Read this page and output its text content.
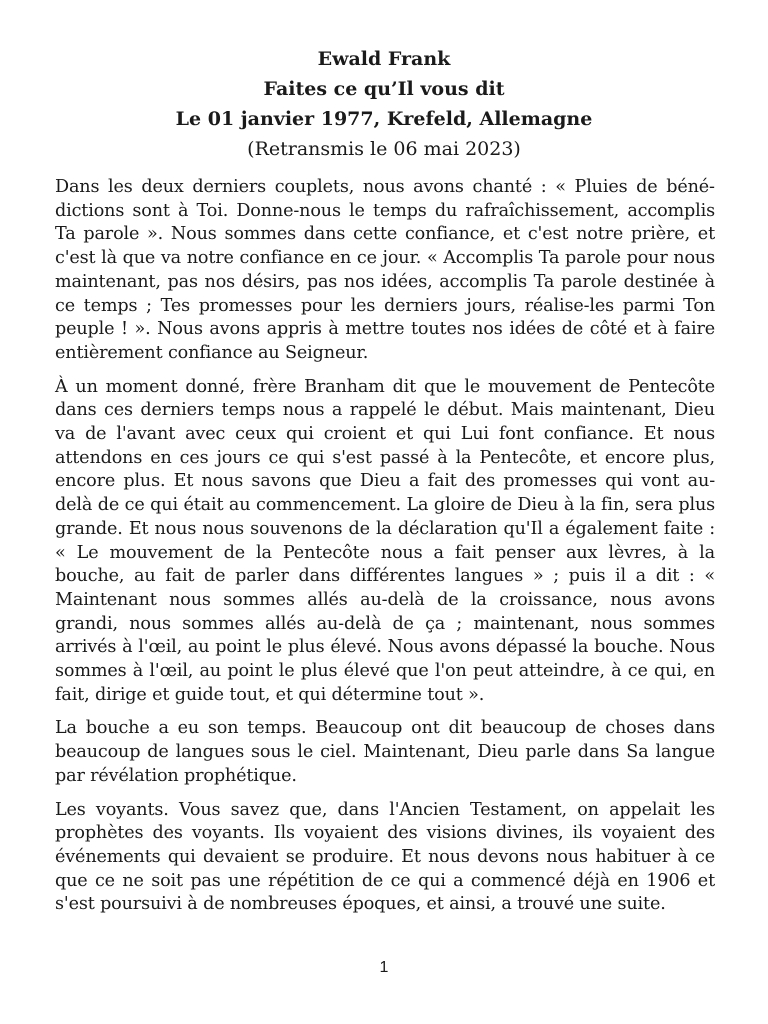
Ewald Frank
Faites ce qu’Il vous dit
Le 01 janvier 1977, Krefeld, Allemagne
(Retransmis le 06 mai 2023)

Dans les deux derniers couplets, nous avons chanté : « Pluies de bénédictions sont à Toi. Donne-nous le temps du rafraîchissement, accomplis Ta parole ». Nous sommes dans cette confiance, et c'est notre prière, et c'est là que va notre confiance en ce jour. « Accomplis Ta parole pour nous maintenant, pas nos désirs, pas nos idées, accomplis Ta parole destinée à ce temps ; Tes promesses pour les derniers jours, réalise-les parmi Ton peuple ! ». Nous avons appris à mettre toutes nos idées de côté et à faire entièrement confiance au Seigneur.

À un moment donné, frère Branham dit que le mouvement de Pentecôte dans ces derniers temps nous a rappelé le début. Mais maintenant, Dieu va de l'avant avec ceux qui croient et qui Lui font confiance. Et nous attendons en ces jours ce qui s'est passé à la Pentecôte, et encore plus, encore plus. Et nous savons que Dieu a fait des promesses qui vont au-delà de ce qui était au commencement. La gloire de Dieu à la fin, sera plus grande. Et nous nous souvenons de la déclaration qu'Il a également faite : « Le mouvement de la Pentecôte nous a fait penser aux lèvres, à la bouche, au fait de parler dans différentes langues » ; puis il a dit : « Maintenant nous sommes allés au-delà de la croissance, nous avons grandi, nous sommes allés au-delà de ça ; maintenant, nous sommes arrivés à l'œil, au point le plus élevé. Nous avons dépassé la bouche. Nous sommes à l'œil, au point le plus élevé que l'on peut atteindre, à ce qui, en fait, dirige et guide tout, et qui détermine tout ».

La bouche a eu son temps. Beaucoup ont dit beaucoup de choses dans beaucoup de langues sous le ciel. Maintenant, Dieu parle dans Sa langue par révélation prophétique.

Les voyants. Vous savez que, dans l'Ancien Testament, on appelait les prophètes des voyants. Ils voyaient des visions divines, ils voyaient des événements qui devaient se produire. Et nous devons nous habituer à ce que ce ne soit pas une répétition de ce qui a commencé déjà en 1906 et s'est poursuivi à de nombreuses époques, et ainsi, a trouvé une suite.

1
